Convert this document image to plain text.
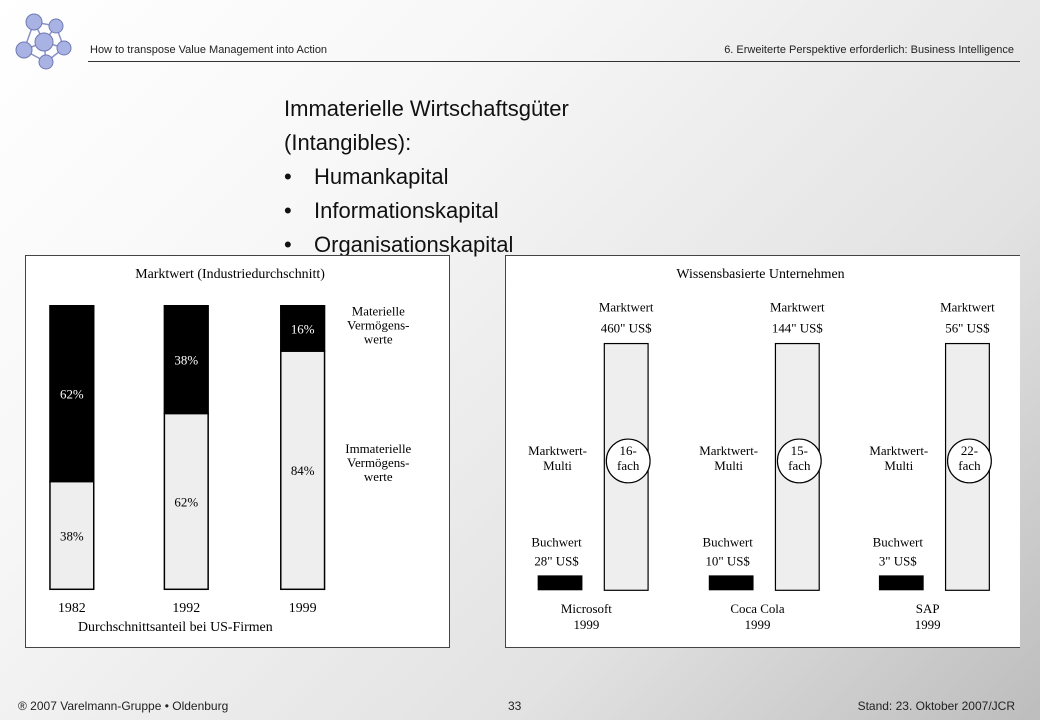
How to transpose Value Management into Action	6. Erweiterte Perspektive erforderlich: Business Intelligence
Immaterielle Wirtschaftsgüter
(Intangibles):
• Humankapital
• Informationskapital
• Organisationskapital
Marktwert (Industriedurchschnitt)
62%
38%
1982
38%
62%
1992
16%
84%
1999
Materielle
Vermögens-
werte
Immaterielle
Vermögens-
werte
Durchschnittsanteil bei US-Firmen
Wissensbasierte Unternehmen
Marktwert
460" US$
16-
fach
Marktwert-
Multi
Buchwert
28" US$
Microsoft
1999
Marktwert
144" US$
15-
fach
Marktwert-
Multi
Buchwert
10" US$
Coca Cola
1999
Marktwert
56" US$
22-
fach
Marktwert-
Multi
Buchwert
3" US$
SAP
1999
® 2007 Varelmann-Gruppe • Oldenburg	33	Stand: 23. Oktober 2007/JCR
